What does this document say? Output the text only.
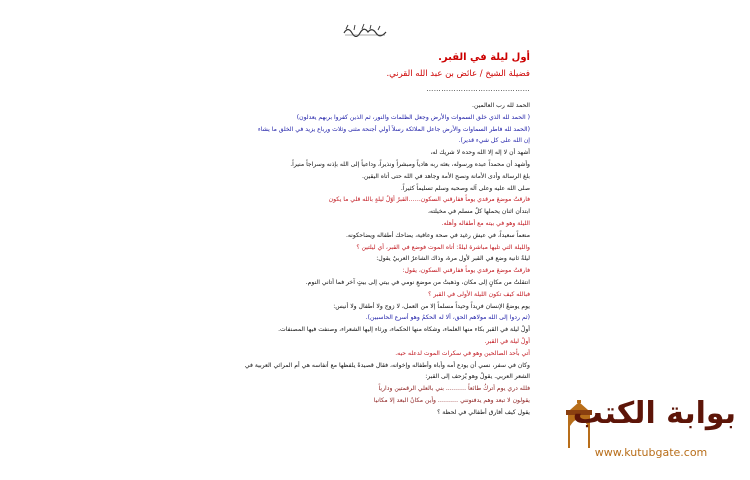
أول ليلة في القبر.
فضيلة الشيخ / عائض بن عبد الله القرني.
……………………………………
الحمد لله رب العالمين.
( الحمد لله الذي خلق السموات والأرض وجعل الظلمات والنور، ثم الذين كفروا بربهم يعدلون)
(الحمد لله فاطر السماوات والأرض جاعل الملائكة رسلاً أولي أجنحة مثنى وثلاث ورباع يزيد في الخلق ما يشاء
إن الله على كل شيء قدير).
أشهد أن لا إله إلا الله وحده لا شريك له،
وأشهد أن محمداً عبده ورسوله، بعثه ربه هادياً ومبشراً ونذيراً، وداعياً إلى الله بإذنه وسراجاً منيراً.
بلغ الرسالة وأدى الأمانة ونصح الأمة وجاهد في الله حتى أتاه اليقين.
صلى الله عليه وعلى آله وصحبه وسلم تسليماً كثيراً.
فارقتُ موضعَ مرقدي يوماً ففارقني السكون……القبرُ أوّلُ ليلةٍ بالله قلي ما يكون
ابتدأن اثنان يحملها كلُ مسلم في مخيلته،
الليلة وهو في بيته مع أطفاله وأهله.
منعماً سعيداً، في عيش رغيد في صحة وعافية، يضاحك أطفاله ويضاحكونه.
والليلة التي تليها مباشرة ليلةٌ: أتاه الموت فوضع في القبر، أي ليلتين ؟
ليلةٌ ثانية وضع في القبر لأول مرة، وذاك الشاعرُ العربيُ يقول:
فارقتُ موضعَ مرقدي يوماً ففارقني السكون، يقول:
انتقلتُ من مكانٍ إلى مكان، وذهبتُ من موضعِ نومي في بيتي إلى بيتٍ آخر فما أتاني النوم.
فبالله كيف تكون الليلة الأولى في القبر ؟
يوم يوضعُ الإنسان فريداً وحيداً مسلماً إلا من العمل، لا زوج ولا أطفال ولا أنيس:
(ثم ردوا إلى الله مولاهم الحق، ألا له الحكمُ وهو أسرع الحاسبين).
أولُ ليلة في القبر بكاء منها العلماء، وشكاه منها الحكماء، ورثاء إليها الشعراء، وصنفت فيها المصنفات.
أولُ ليلة في القبر.
أتي بأحد الصالحين وهو في سكرات الموت لدعله حيه.
وكان في سفر، نسي أن يودع أمه وأباه وأطفاله وإخوانه، فقال قصيدةً يلفظها مع أنفاسه هي أم المراثي العربية في
الشعر العربي. يقولُ وهو يُزحف إلى القبر:
فلله دري يوم أتركُ طائعاً ………. بني بالعلي الرقمتين ودارياً
يقولون لا تبعد وهم يدفنونني ………. وأين مكانُ البعد إلا مكانيا
يقول كيف أفارق أطفالي في لحظة ؟ بوابة الكتب
www.kutubgate.com
